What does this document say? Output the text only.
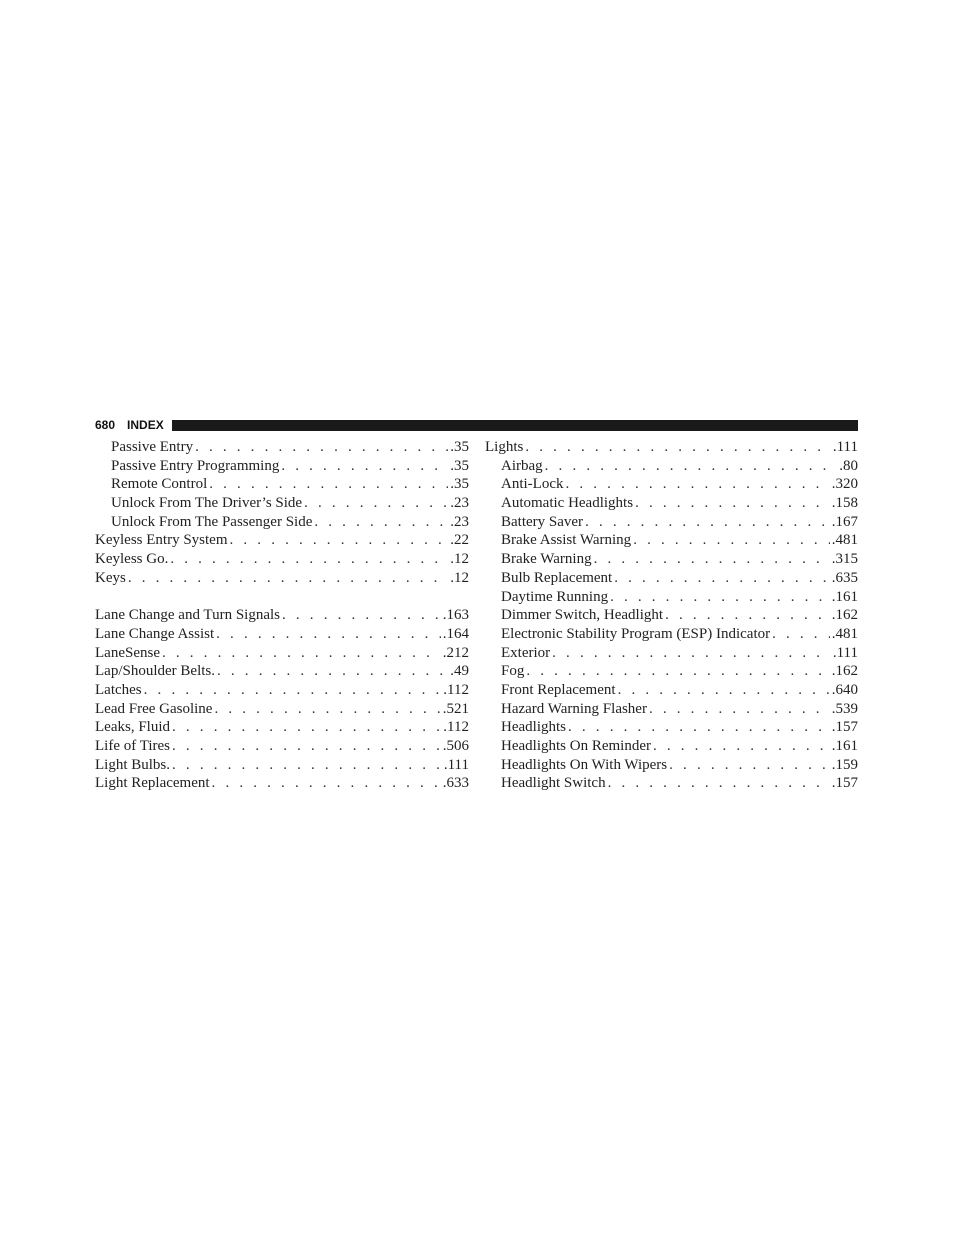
680 INDEX
Passive Entry . . .	.35
Passive Entry Programming . . .	.35
Remote Control . . .	.35
Unlock From The Driver’s Side . . .	.23
Unlock From The Passenger Side . . .	.23
Keyless Entry System . . .	.22
Keyless Go. . . .	.12
Keys . . .	.12
Lane Change and Turn Signals . . .	.163
Lane Change Assist . . .	.164
LaneSense . . .	.212
Lap/Shoulder Belts. . . .	.49
Latches . . .	.112
Lead Free Gasoline . . .	.521
Leaks, Fluid . . .	.112
Life of Tires . . .	.506
Light Bulbs. . . .	.111
Light Replacement . . .	.633
Lights . . .	.111
Airbag . . .	.80
Anti-Lock . . .	.320
Automatic Headlights . . .	.158
Battery Saver . . .	.167
Brake Assist Warning . . .	.481
Brake Warning . . .	.315
Bulb Replacement . . .	.635
Daytime Running . . .	.161
Dimmer Switch, Headlight . . .	.162
Electronic Stability Program (ESP) Indicator . . .	.481
Exterior . . .	.111
Fog . . .	.162
Front Replacement . . .	.640
Hazard Warning Flasher . . .	.539
Headlights . . .	.157
Headlights On Reminder . . .	.161
Headlights On With Wipers . . .	.159
Headlight Switch . . .	.157
